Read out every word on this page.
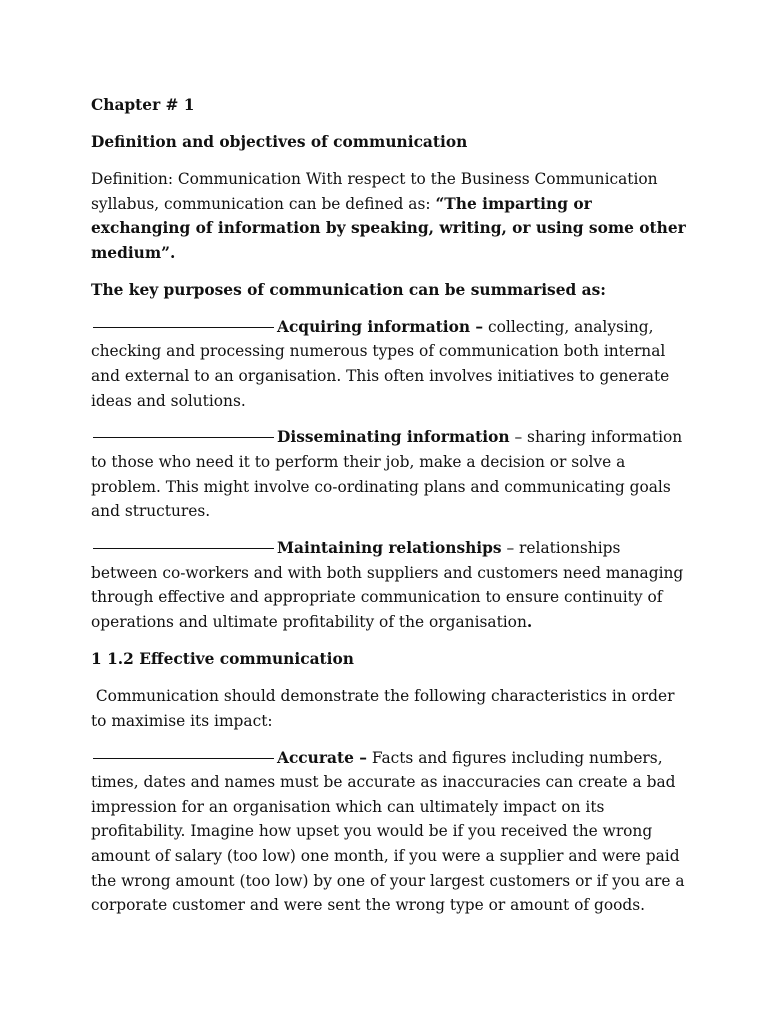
Chapter # 1

Definition and objectives of communication

Definition: Communication With respect to the Business Communication syllabus, communication can be defined as: “The imparting or exchanging of information by speaking, writing, or using some other medium”.

The key purposes of communication can be summarised as:

Acquiring information – collecting, analysing, checking and processing numerous types of communication both internal and external to an organisation. This often involves initiatives to generate ideas and solutions.

Disseminating information – sharing information to those who need it to perform their job, make a decision or solve a problem. This might involve co-ordinating plans and communicating goals and structures.

Maintaining relationships – relationships between co-workers and with both suppliers and customers need managing through effective and appropriate communication to ensure continuity of operations and ultimate profitability of the organisation.

1 1.2 Effective communication

Communication should demonstrate the following characteristics in order to maximise its impact:

Accurate – Facts and figures including numbers, times, dates and names must be accurate as inaccuracies can create a bad impression for an organisation which can ultimately impact on its profitability. Imagine how upset you would be if you received the wrong amount of salary (too low) one month, if you were a supplier and were paid the wrong amount (too low) by one of your largest customers or if you are a corporate customer and were sent the wrong type or amount of goods.
